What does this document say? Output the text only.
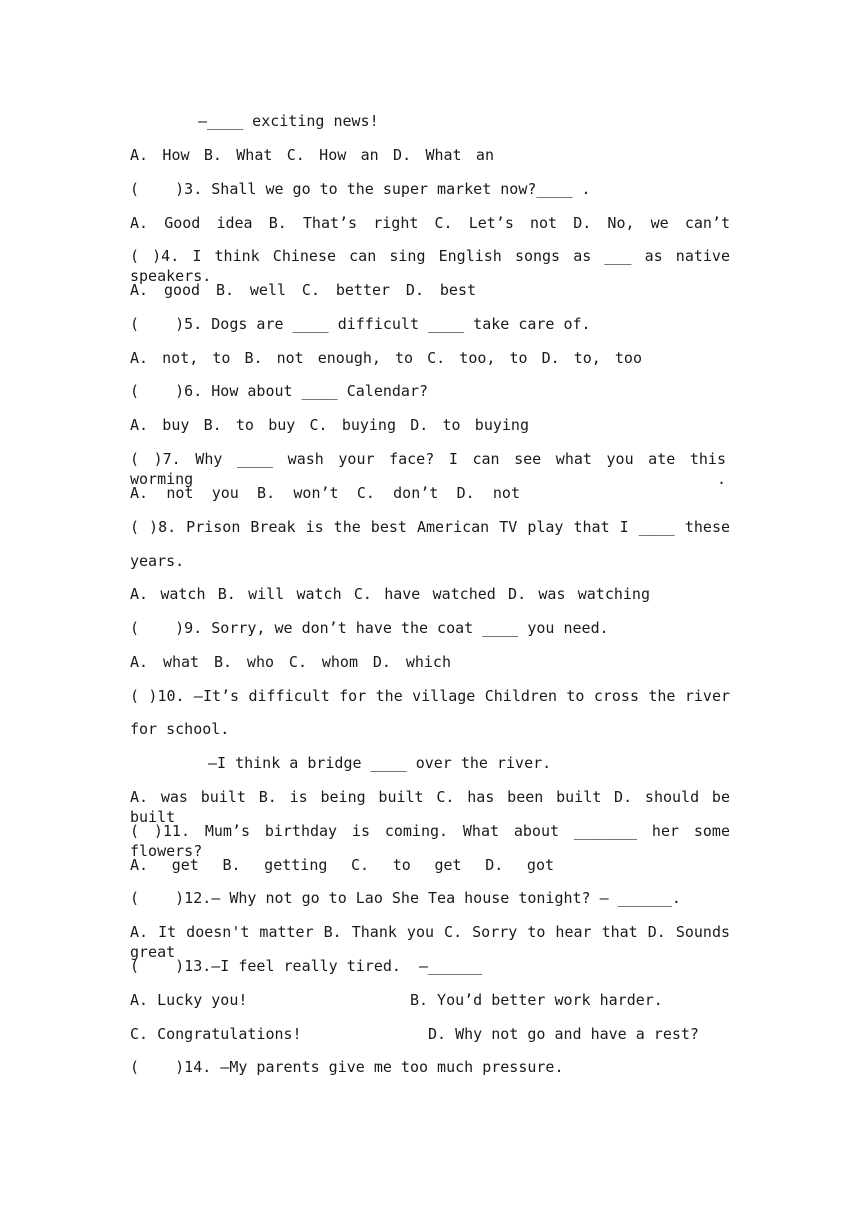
—____ exciting news!
A. How B. What C. How an D. What an
(    )3. Shall we go to the super market now?____ .
A. Good idea B. That’s right C. Let’s not D. No, we can’t
( )4. I think Chinese can sing English songs as ___ as native speakers.
A. good B. well C. better D. best
(    )5. Dogs are ____ difficult ____ take care of.
A. not, to B. not enough, to C. too, to D. to, too
(    )6. How about ____ Calendar?
A. buy B. to buy C. buying D. to buying
( )7. Why ____ wash your face? I can see what you ate this worming .
A. not you B. won’t C. don’t D. not
( )8. Prison Break is the best American TV play that I ____ these
years.
A. watch B. will watch C. have watched D. was watching
(    )9. Sorry, we don’t have the coat ____ you need.
A. what B. who C. whom D. which
( )10. —It’s difficult for the village Children to cross the river
for school.
—I think a bridge ____ over the river.
A. was built B. is being built C. has been built D. should be built
( )11. Mum’s birthday is coming. What about _______ her some flowers?
A. get B. getting C. to get D. got
(    )12.— Why not go to Lao She Tea house tonight? — ______.
A. It doesn't matter B. Thank you C. Sorry to hear that D. Sounds great
(    )13.—I feel really tired.  —______
A. Lucky you!                  B. You’d better work harder.
C. Congratulations!              D. Why not go and have a rest?
(    )14. —My parents give me too much pressure.
